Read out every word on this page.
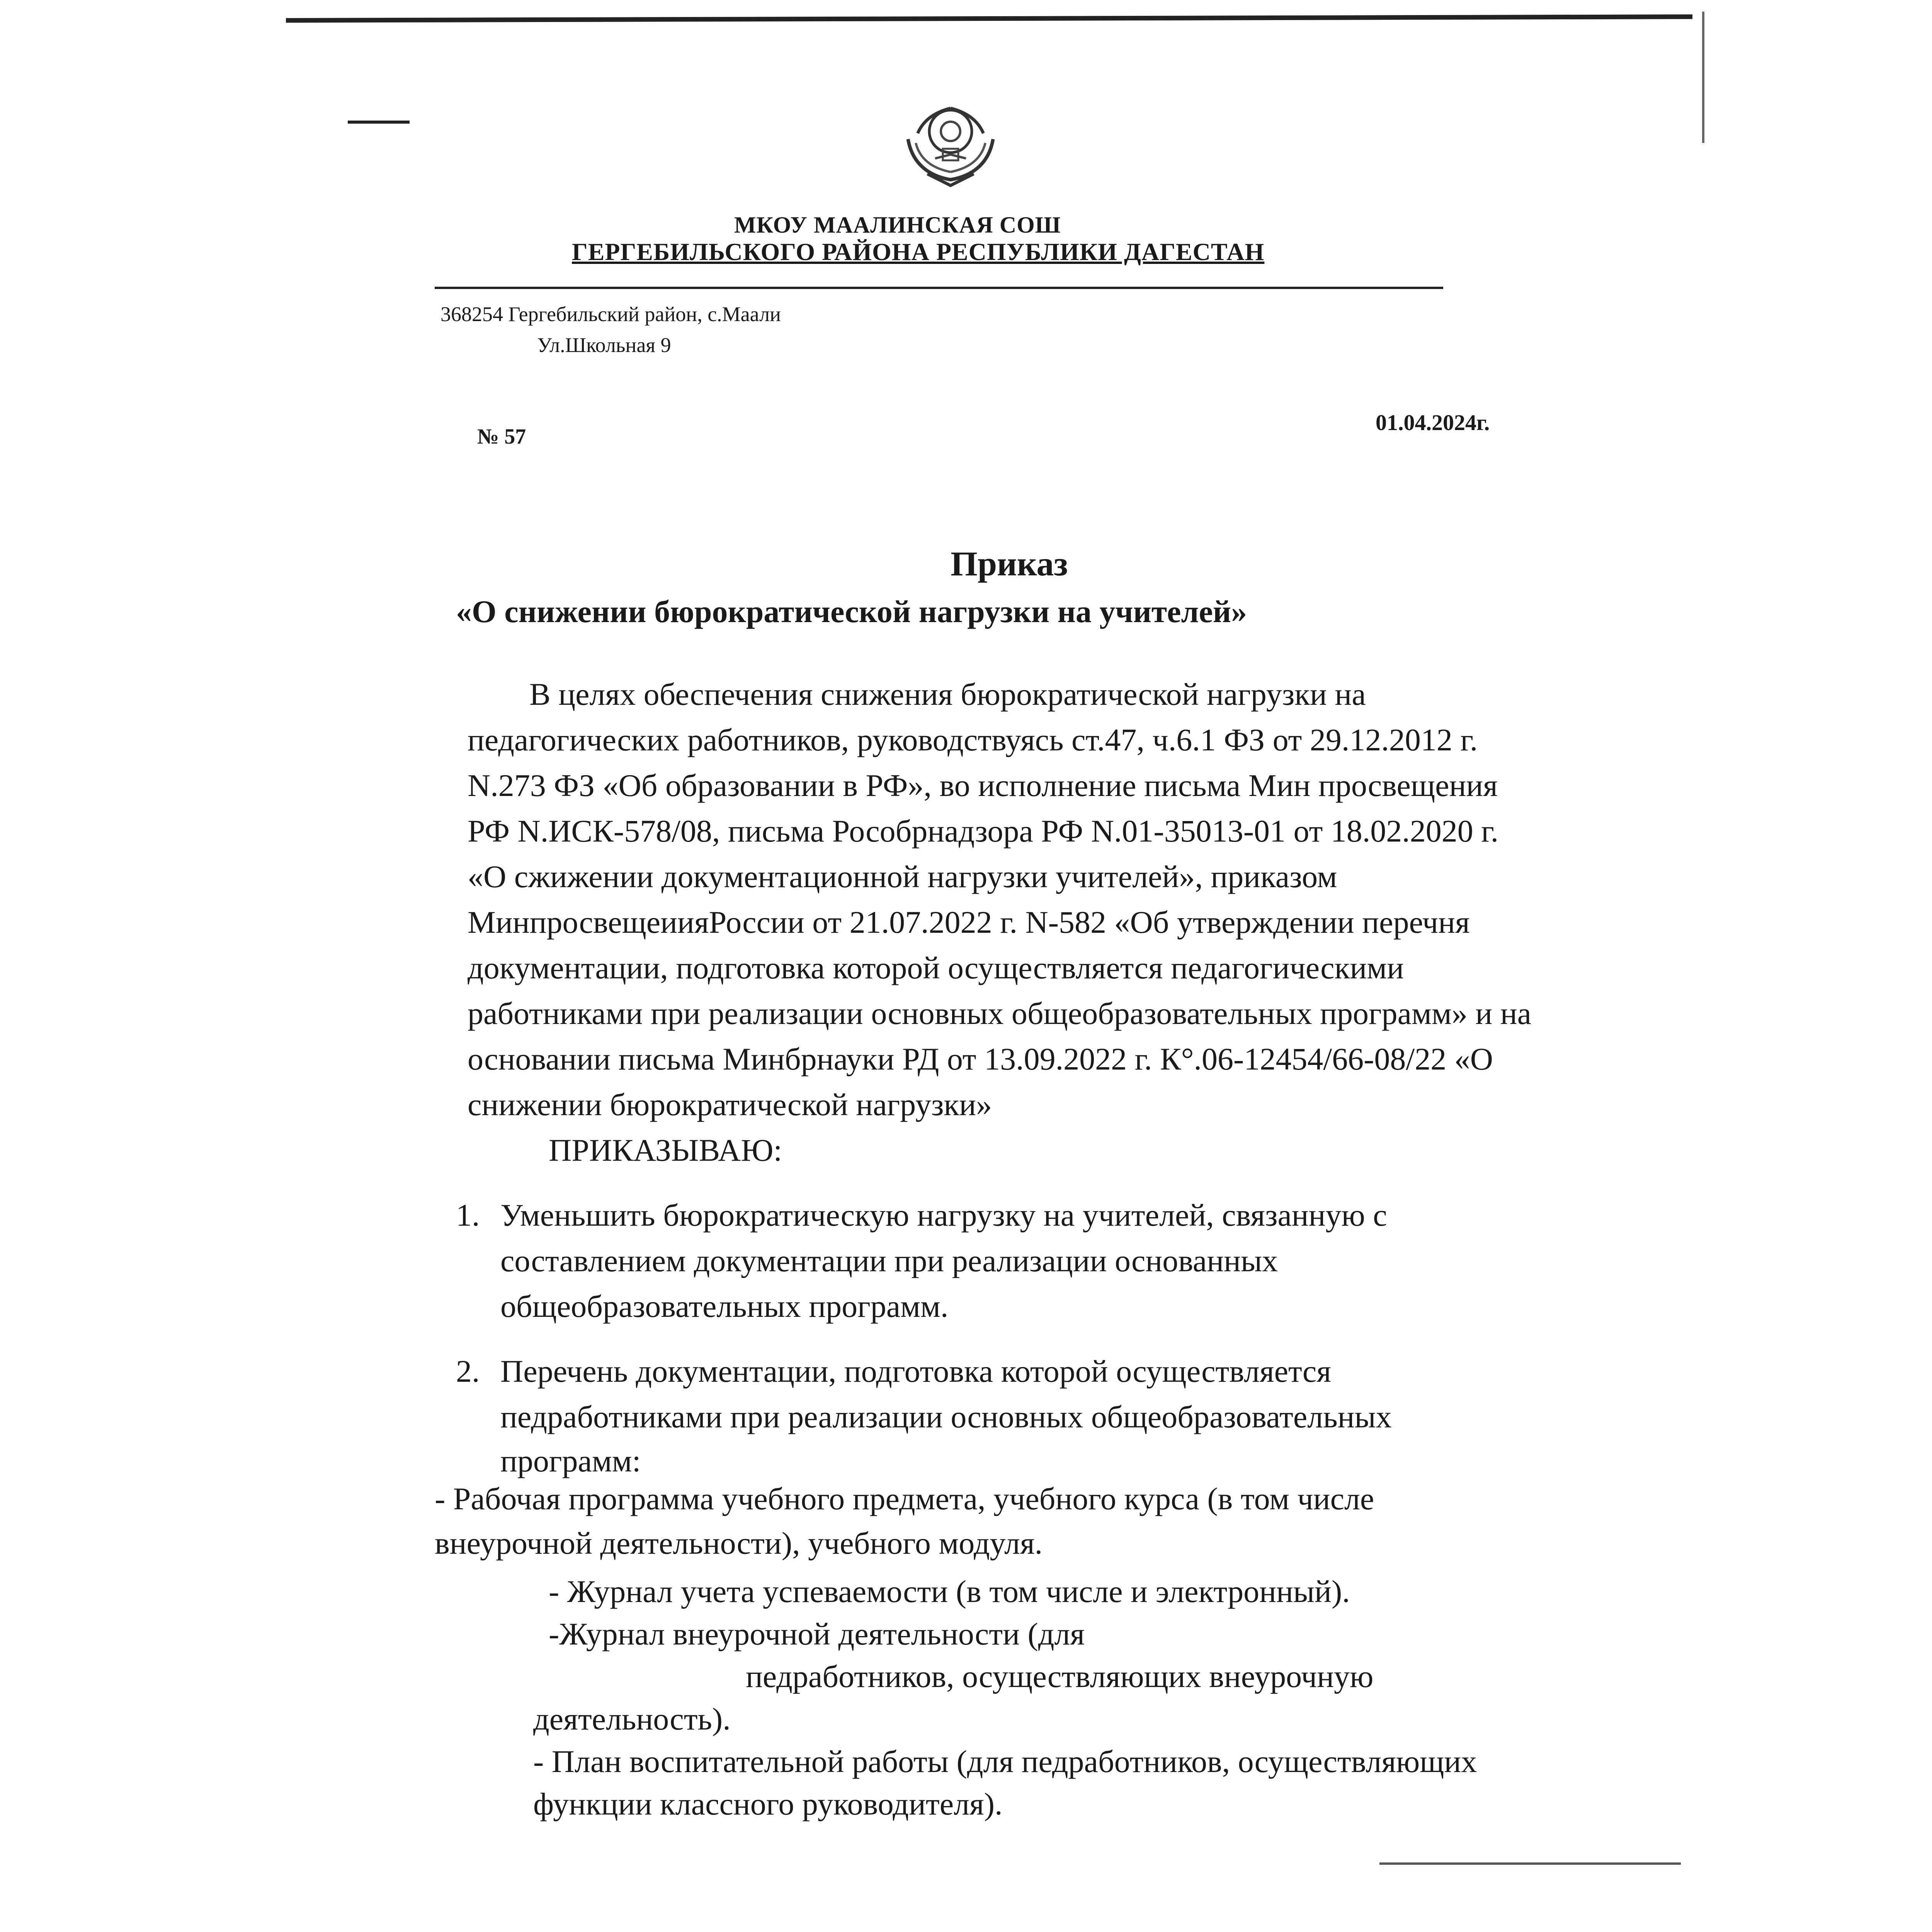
МКОУ МААЛИНСКАЯ СОШ
ГЕРГЕБИЛЬСКОГО РАЙОНА РЕСПУБЛИКИ ДАГЕСТАН
368254 Гергебильский район, с.Маали
Ул.Школьная 9
№ 57
01.04.2024г.
Приказ
«О снижении бюрократической нагрузки на учителей»
В целях обеспечения снижения бюрократической нагрузки на
педагогических работников, руководствуясь ст.47, ч.6.1 ФЗ от 29.12.2012 г.
N.273 ФЗ «Об образовании в РФ», во исполнение письма Мин просвещения
РФ N.ИСК-578/08, письма Рособрнадзора РФ N.01-35013-01 от 18.02.2020 г.
«О сжижении документационной нагрузки учителей», приказом
МинпросвещеиияРоссии от 21.07.2022 г. N-582 «Об утверждении перечня
документации, подготовка которой осуществляется педагогическими
работниками при реализации основных общеобразовательных программ» и на
основании письма Минбрнауки РД от 13.09.2022 г. К°.06-12454/66-08/22 «О
снижении бюрократической нагрузки»
ПРИКАЗЫВАЮ:
1. Уменьшить бюрократическую нагрузку на учителей, связанную с
составлением документации при реализации основанных
общеобразовательных программ.
2. Перечень документации, подготовка которой осуществляется
педработниками при реализации основных общеобразовательных
программ:
- Рабочая программа учебного предмета, учебного курса (в том числе
внеурочной деятельности), учебного модуля.
- Журнал учета успеваемости (в том числе и электронный).
-Журнал внеурочной деятельности (для
педработников, осуществляющих внеурочную
деятельность).
- План воспитательной работы (для педработников, осуществляющих
функции классного руководителя).
